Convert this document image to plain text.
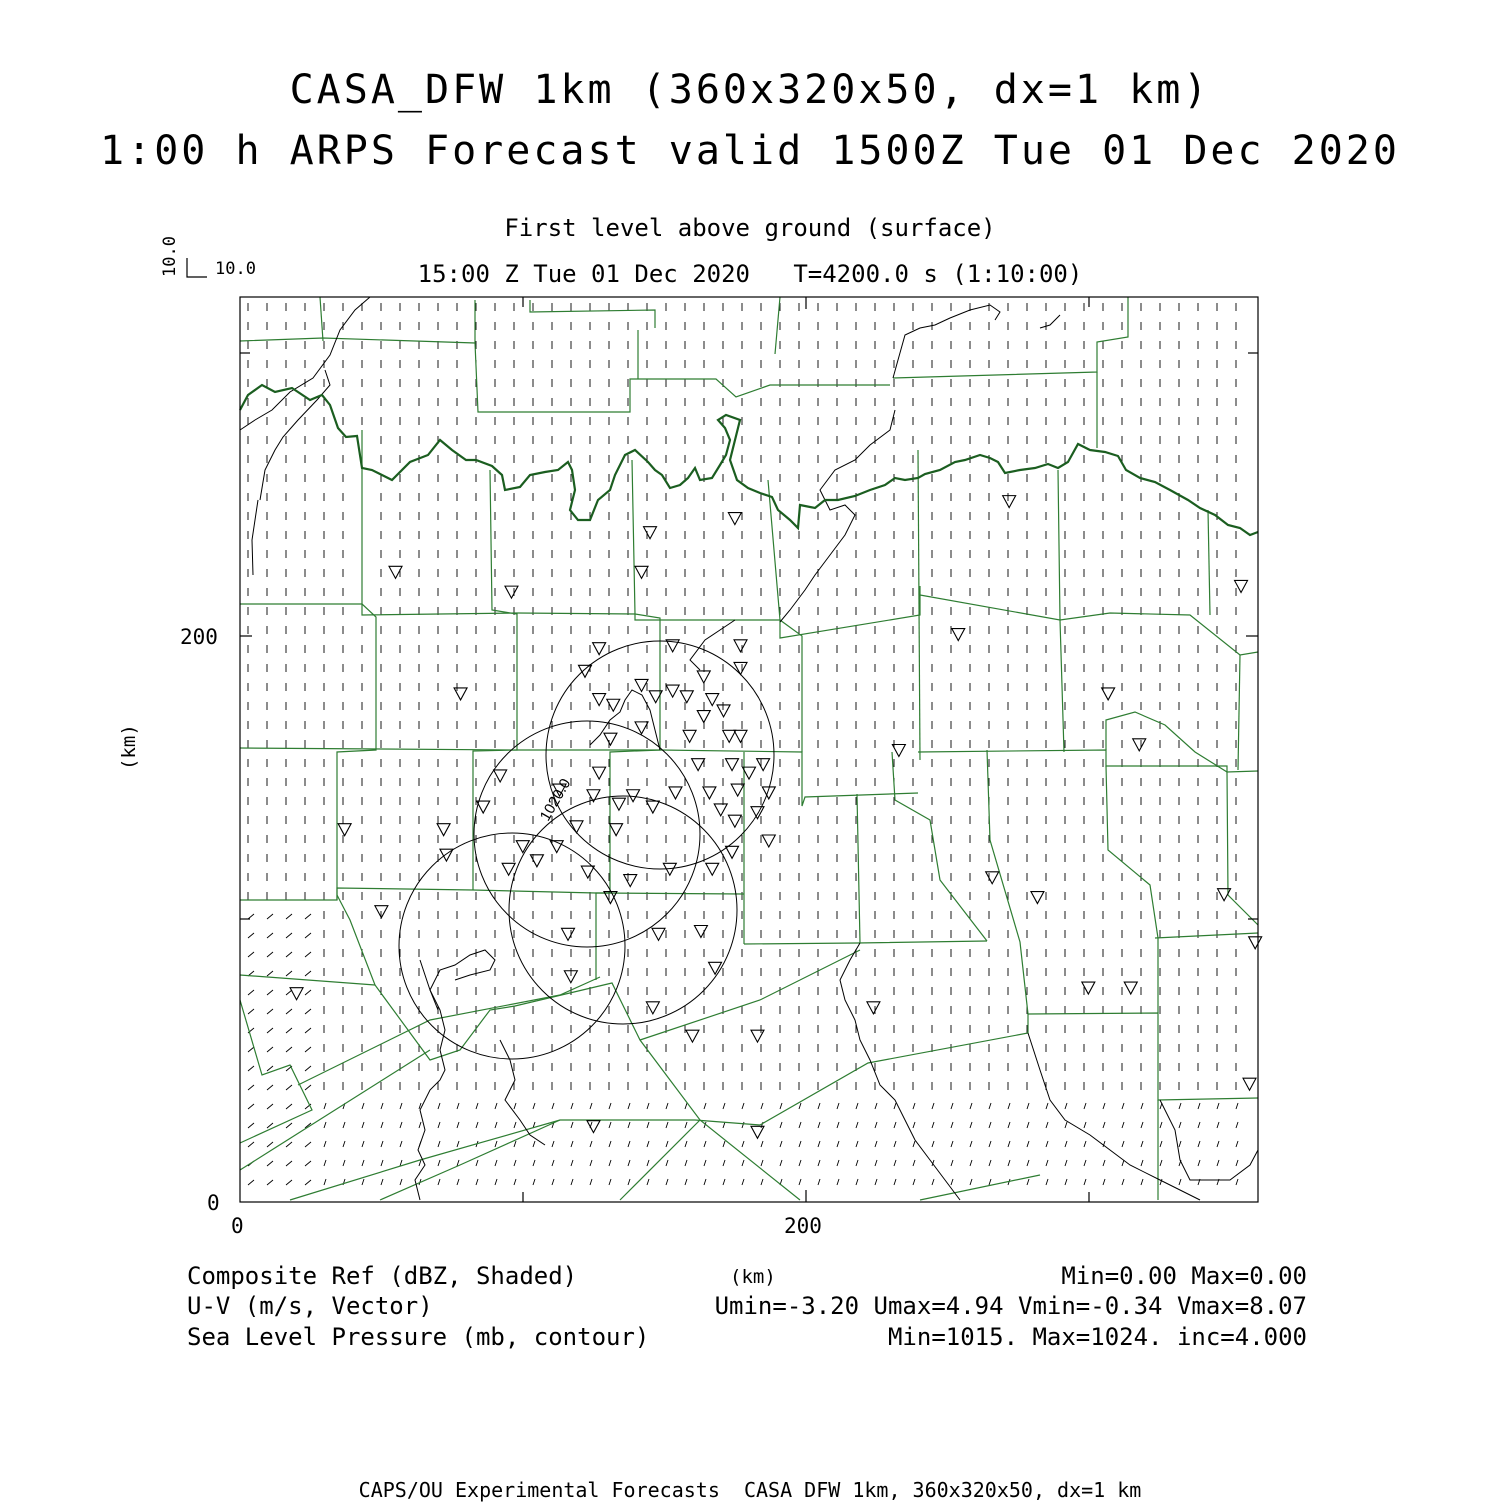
1020.0
CASA_DFW 1km (360x320x50, dx=1 km)
1:00 h ARPS Forecast valid 1500Z Tue 01 Dec 2020
First level above ground (surface)
15:00 Z Tue 01 Dec 2020   T=4200.0 s (1:10:00)
10.0 10.0
200
0
0	200
(km)
(km)
Composite Ref (dBZ, Shaded)	Min=0.00 Max=0.00
U-V (m/s, Vector)	Umin=-3.20 Umax=4.94 Vmin=-0.34 Vmax=8.07
Sea Level Pressure (mb, contour)	Min=1015. Max=1024. inc=4.000
CAPS/OU Experimental Forecasts  CASA DFW 1km, 360x320x50, dx=1 km
